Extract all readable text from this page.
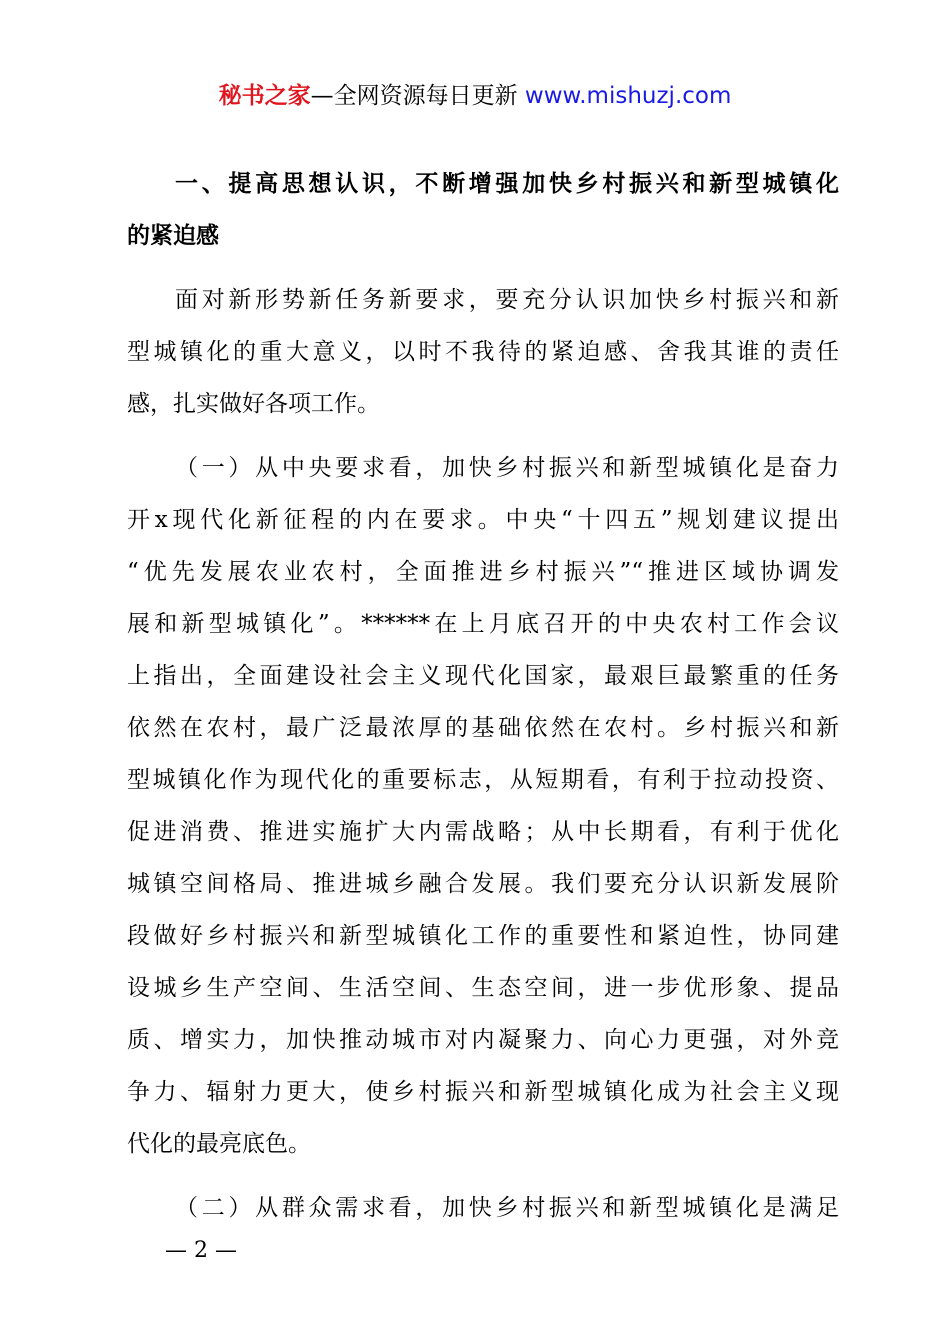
秘书之家—全网资源每日更新 www.mishuzj.com
一、提高思想认识，不断增强加快乡村振兴和新型城镇化
的紧迫感
面对新形势新任务新要求，要充分认识加快乡村振兴和新
型城镇化的重大意义，以时不我待的紧迫感、舍我其谁的责任
感，扎实做好各项工作。
（一）从中央要求看，加快乡村振兴和新型城镇化是奋力
开x现代化新征程的内在要求。中央“十四五”规划建议提出
“优先发展农业农村，全面推进乡村振兴”“推进区域协调发
展和新型城镇化”。******在上月底召开的中央农村工作会议
上指出，全面建设社会主义现代化国家，最艰巨最繁重的任务
依然在农村，最广泛最浓厚的基础依然在农村。乡村振兴和新
型城镇化作为现代化的重要标志，从短期看，有利于拉动投资、
促进消费、推进实施扩大内需战略；从中长期看，有利于优化
城镇空间格局、推进城乡融合发展。我们要充分认识新发展阶
段做好乡村振兴和新型城镇化工作的重要性和紧迫性，协同建
设城乡生产空间、生活空间、生态空间，进一步优形象、提品
质、增实力，加快推动城市对内凝聚力、向心力更强，对外竞
争力、辐射力更大，使乡村振兴和新型城镇化成为社会主义现
代化的最亮底色。
（二）从群众需求看，加快乡村振兴和新型城镇化是满足
— 2 —
